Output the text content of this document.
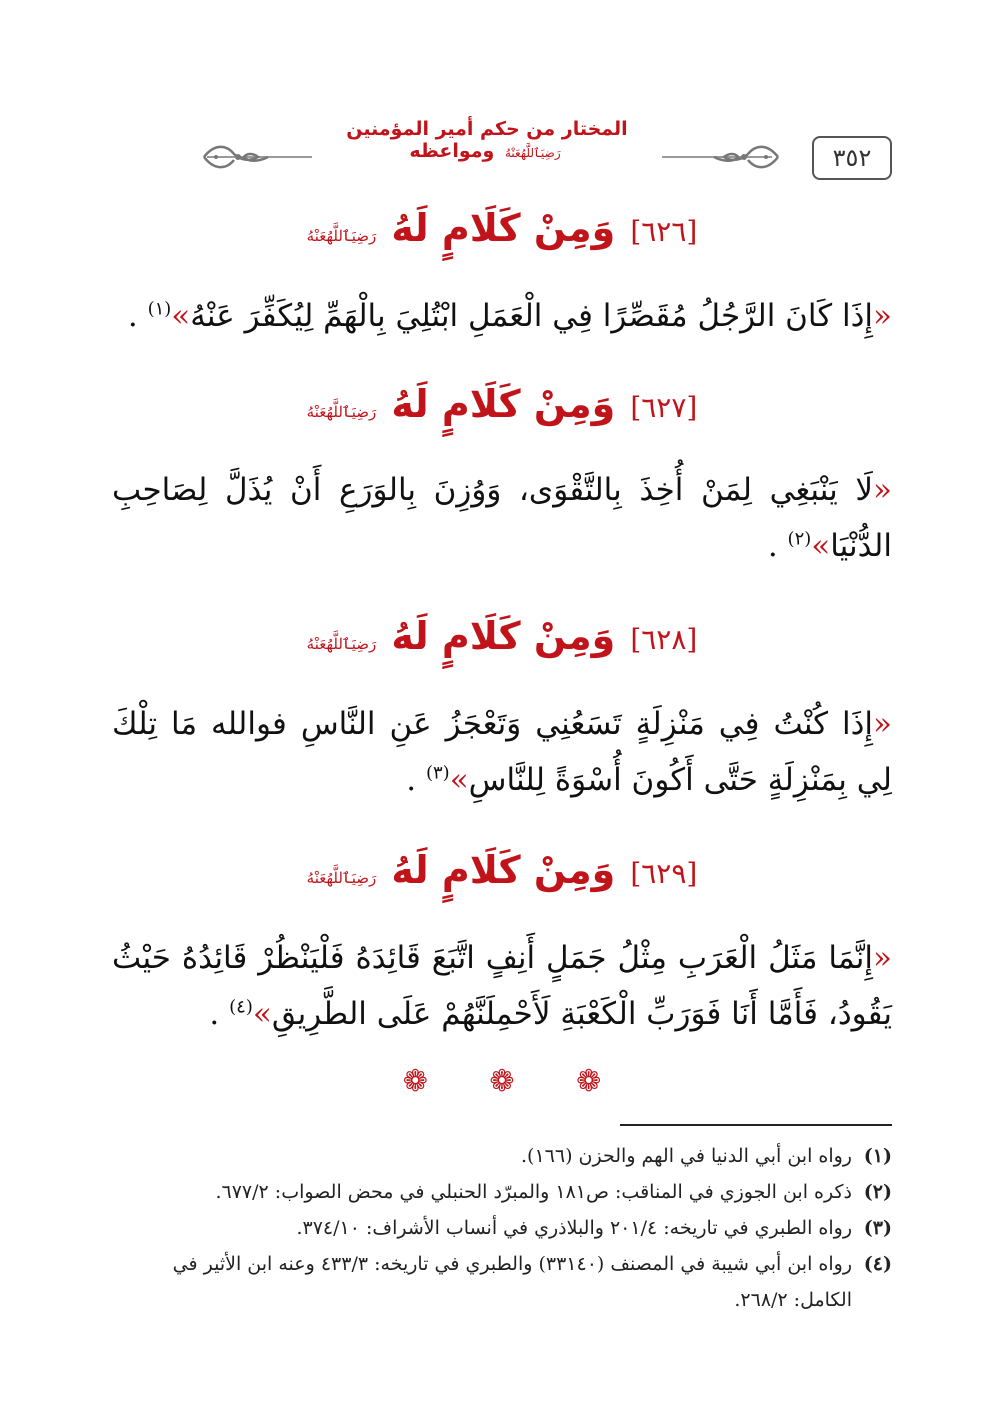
المختار من حكم أمير المؤمنين رَضِيَٱللَّهُعَنْهُ ومواعظه	٣٥٢
[٦٢٦] وَمِنْ كَلَامٍ لَهُ رَضِيَٱللَّهُعَنْهُ
«إِذَا كَانَ الرَّجُلُ مُقَصِّرًا فِي الْعَمَلِ ابْتُلِيَ بِالْهَمِّ لِيُكَفِّرَ عَنْهُ»$^{(١)}$ .
[٦٢٧] وَمِنْ كَلَامٍ لَهُ رَضِيَٱللَّهُعَنْهُ
«لَا يَنْبَغِي لِمَنْ أُخِذَ بِالتَّقْوَى، وَوُزِنَ بِالوَرَعِ أَنْ يُذَلَّ لِصَاحِبِ الدُّنْيَا»$^{(٢)}$ .
[٦٢٨] وَمِنْ كَلَامٍ لَهُ رَضِيَٱللَّهُعَنْهُ
«إِذَا كُنْتُ فِي مَنْزِلَةٍ تَسَعُنِي وَتَعْجَزُ عَنِ النَّاسِ فوالله مَا تِلْكَ لِي بِمَنْزِلَةٍ حَتَّى أَكُونَ أُسْوَةً لِلنَّاسِ»$^{(٣)}$ .
[٦٢٩] وَمِنْ كَلَامٍ لَهُ رَضِيَٱللَّهُعَنْهُ
«إِنَّمَا مَثَلُ الْعَرَبِ مِثْلُ جَمَلٍ أَنِفٍ اتَّبَعَ قَائِدَهُ فَلْيَنْظُرْ قَائِدُهُ حَيْثُ يَقُودُ، فَأَمَّا أَنَا فَوَرَبِّ الْكَعْبَةِ لَأَحْمِلَنَّهُمْ عَلَى الطَّرِيقِ»$^{(٤)}$ .
❁ ❁ ❁
(١)رواه ابن أبي الدنيا في الهم والحزن (١٦٦).
(٢)ذكره ابن الجوزي في المناقب: ص١٨١ والمبرّد الحنبلي في محض الصواب: ٦٧٧/٢.
(٣)رواه الطبري في تاريخه: ٢٠١/٤ والبلاذري في أنساب الأشراف: ٣٧٤/١٠.
(٤)رواه ابن أبي شيبة في المصنف (٣٣١٤٠) والطبري في تاريخه: ٤٣٣/٣ وعنه ابن الأثير في
الكامل: ٢٦٨/٢.
